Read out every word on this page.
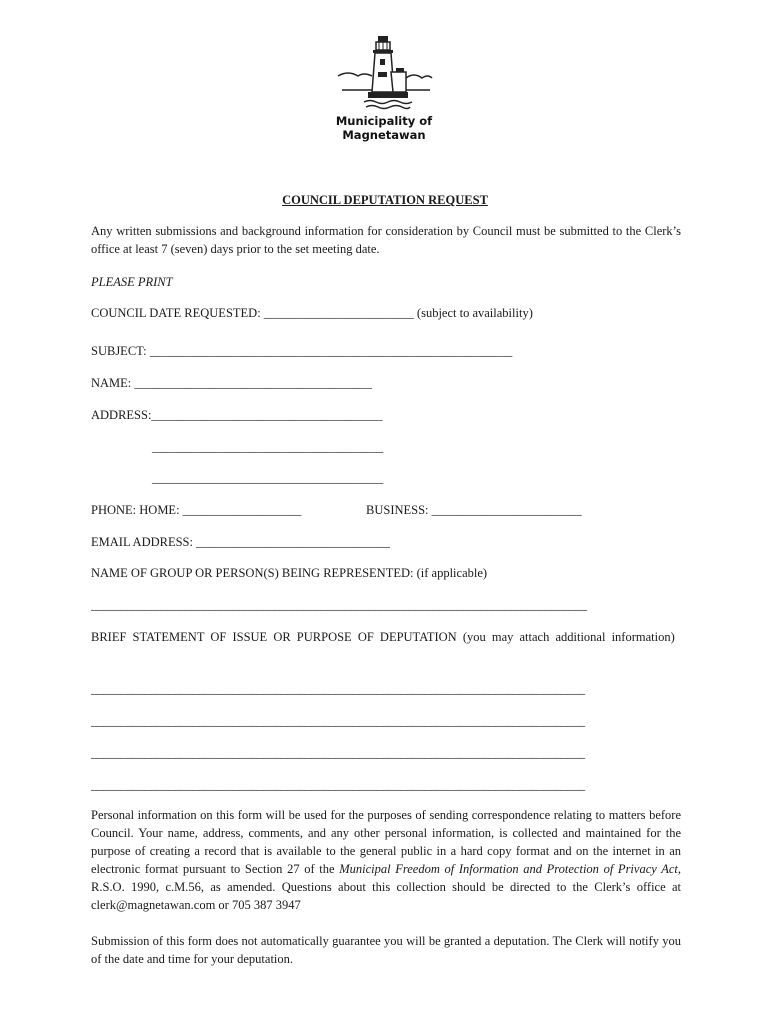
Municipality of
Magnetawan
COUNCIL DEPUTATION REQUEST
Any written submissions and background information for consideration by Council must be submitted to the Clerk’s office at least 7 (seven) days prior to the set meeting date.
PLEASE PRINT
COUNCIL DATE REQUESTED: ________________________ (subject to availability)
SUBJECT: __________________________________________________________
NAME: ______________________________________
ADDRESS:_____________________________________
_____________________________________
_____________________________________
PHONE: HOME: ___________________	BUSINESS: ________________________
EMAIL ADDRESS: _______________________________
NAME OF GROUP OR PERSON(S) BEING REPRESENTED: (if applicable)
____________________________________________________________________________________
BRIEF STATEMENT OF ISSUE OR PURPOSE OF DEPUTATION (you may attach additional information)
___________________________________________________________________________________
___________________________________________________________________________________
___________________________________________________________________________________
___________________________________________________________________________________
Personal information on this form will be used for the purposes of sending correspondence relating to matters before Council. Your name, address, comments, and any other personal information, is collected and maintained for the purpose of creating a record that is available to the general public in a hard copy format and on the internet in an electronic format pursuant to Section 27 of the Municipal Freedom of Information and Protection of Privacy Act, R.S.O. 1990, c.M.56, as amended. Questions about this collection should be directed to the Clerk’s office at clerk@magnetawan.com or 705 387 3947
Submission of this form does not automatically guarantee you will be granted a deputation. The Clerk will notify you of the date and time for your deputation.
